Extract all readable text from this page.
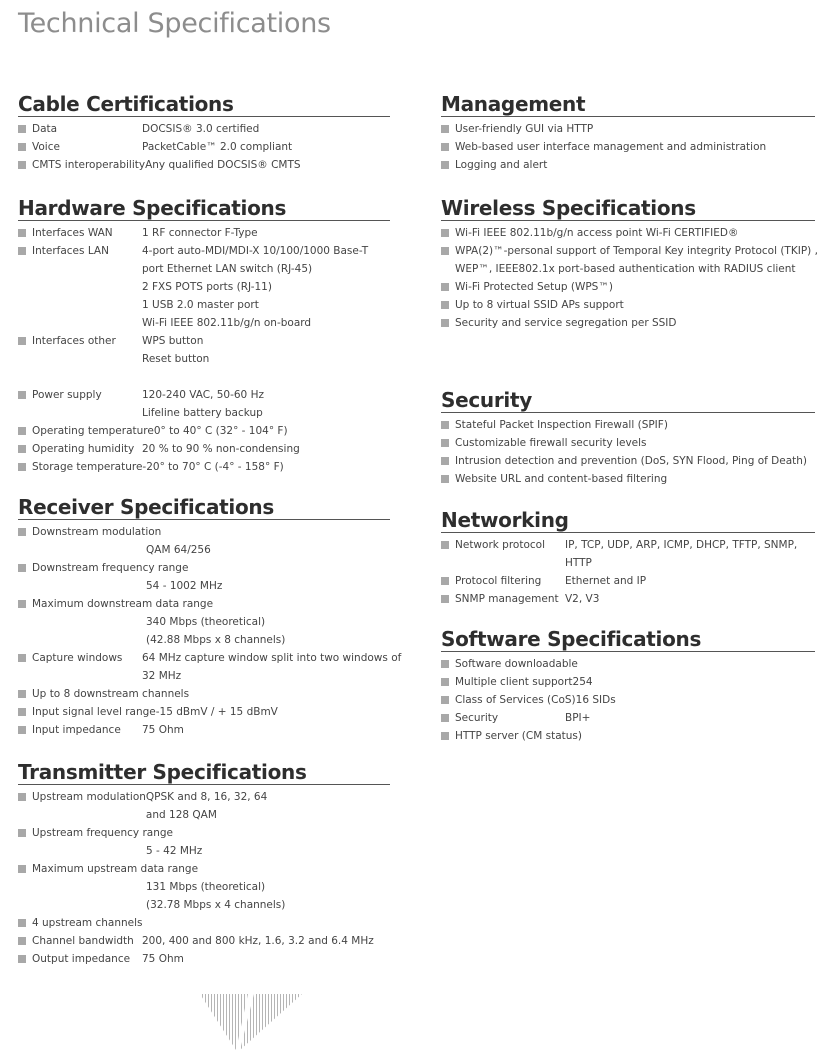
Technical Specifications
Cable Certifications
Data	DOCSIS® 3.0 certified
Voice	PacketCable™ 2.0 compliant
CMTS interoperability Any qualified DOCSIS® CMTS
Hardware Specifications
Interfaces WAN	1 RF connector F-Type
Interfaces LAN	4-port auto-MDI/MDI-X 10/100/1000 Base-T
port Ethernet LAN switch (RJ-45)
2 FXS POTS ports (RJ-11)
1 USB 2.0 master port
Wi-Fi IEEE 802.11b/g/n on-board
Interfaces other	WPS button
Reset button
Power supply	120-240 VAC, 50-60 Hz
Lifeline battery backup
Operating temperature 0° to 40° C (32° - 104° F)
Operating humidity 20 % to 90 % non-condensing
Storage temperature -20° to 70° C (-4° - 158° F)
Receiver Specifications
Downstream modulation
QAM 64/256
Downstream frequency range
54 - 1002 MHz
Maximum downstream data range
340 Mbps (theoretical)
(42.88 Mbps x 8 channels)
Capture windows	64 MHz capture window split into two windows of
32 MHz
Up to 8 downstream channels
Input signal level range -15 dBmV / + 15 dBmV
Input impedance	75 Ohm
Transmitter Specifications
Upstream modulation QPSK and 8, 16, 32, 64
and 128 QAM
Upstream frequency range
5 - 42 MHz
Maximum upstream data range
131 Mbps (theoretical)
(32.78 Mbps x 4 channels)
4 upstream channels
Channel bandwidth 200, 400 and 800 kHz, 1.6, 3.2 and 6.4 MHz
Output impedance	75 Ohm
Management
User-friendly GUI via HTTP
Web-based user interface management and administration
Logging and alert
Wireless Specifications
Wi-Fi IEEE 802.11b/g/n access point Wi-Fi CERTIFIED®
WPA(2)™-personal support of Temporal Key integrity Protocol (TKIP) ,
WEP™, IEEE802.1x port-based authentication with RADIUS client
Wi-Fi Protected Setup (WPS™)
Up to 8 virtual SSID APs support
Security and service segregation per SSID
Security
Stateful Packet Inspection Firewall (SPIF)
Customizable firewall security levels
Intrusion detection and prevention (DoS, SYN Flood, Ping of Death)
Website URL and content-based filtering
Networking
Network protocol	IP, TCP, UDP, ARP, ICMP, DHCP, TFTP, SNMP,
HTTP
Protocol filtering	Ethernet and IP
SNMP management V2, V3
Software Specifications
Software downloadable
Multiple client support 254
Class of Services (CoS) 16 SIDs
Security	BPI+
HTTP server (CM status)
